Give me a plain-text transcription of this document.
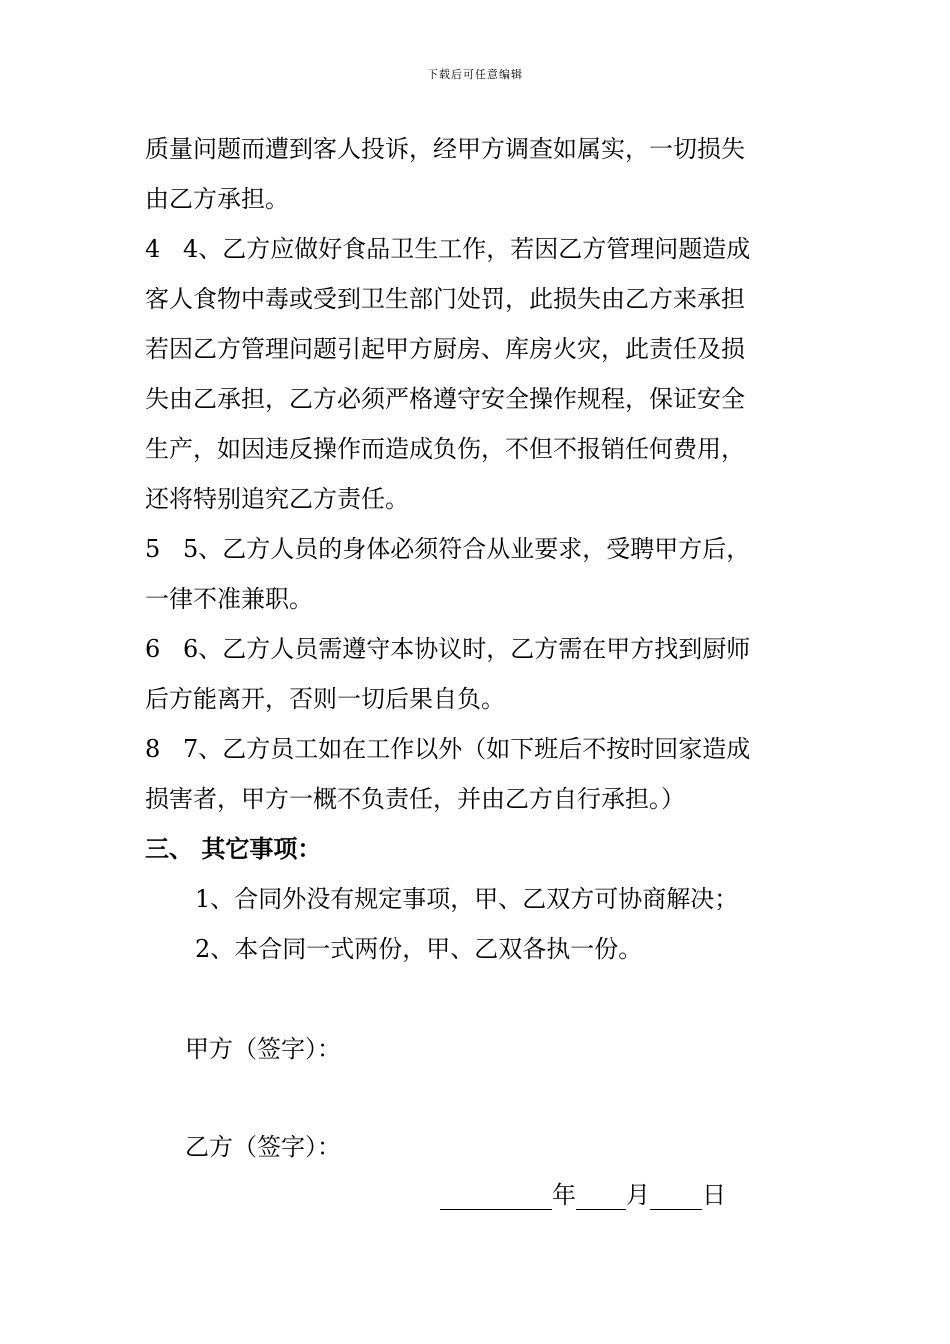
下载后可任意编辑
质量问题而遭到客人投诉，经甲方调查如属实，一切损失
由乙方承担。
4 4、乙方应做好食品卫生工作，若因乙方管理问题造成
客人食物中毒或受到卫生部门处罚，此损失由乙方来承担
若因乙方管理问题引起甲方厨房、库房火灾，此责任及损
失由乙承担，乙方必须严格遵守安全操作规程，保证安全
生产，如因违反操作而造成负伤，不但不报销任何费用，
还将特别追究乙方责任。
5 5、乙方人员的身体必须符合从业要求，受聘甲方后，
一律不准兼职。
6 6、乙方人员需遵守本协议时，乙方需在甲方找到厨师
后方能离开，否则一切后果自负。
8 7、乙方员工如在工作以外（如下班后不按时回家造成
损害者，甲方一概不负责任，并由乙方自行承担。）
三、 其它事项：
1、合同外没有规定事项，甲、乙双方可协商解决；
2、本合同一式两份，甲、乙双各执一份。
甲方（签字）：
乙方（签字）：
年 月 日
